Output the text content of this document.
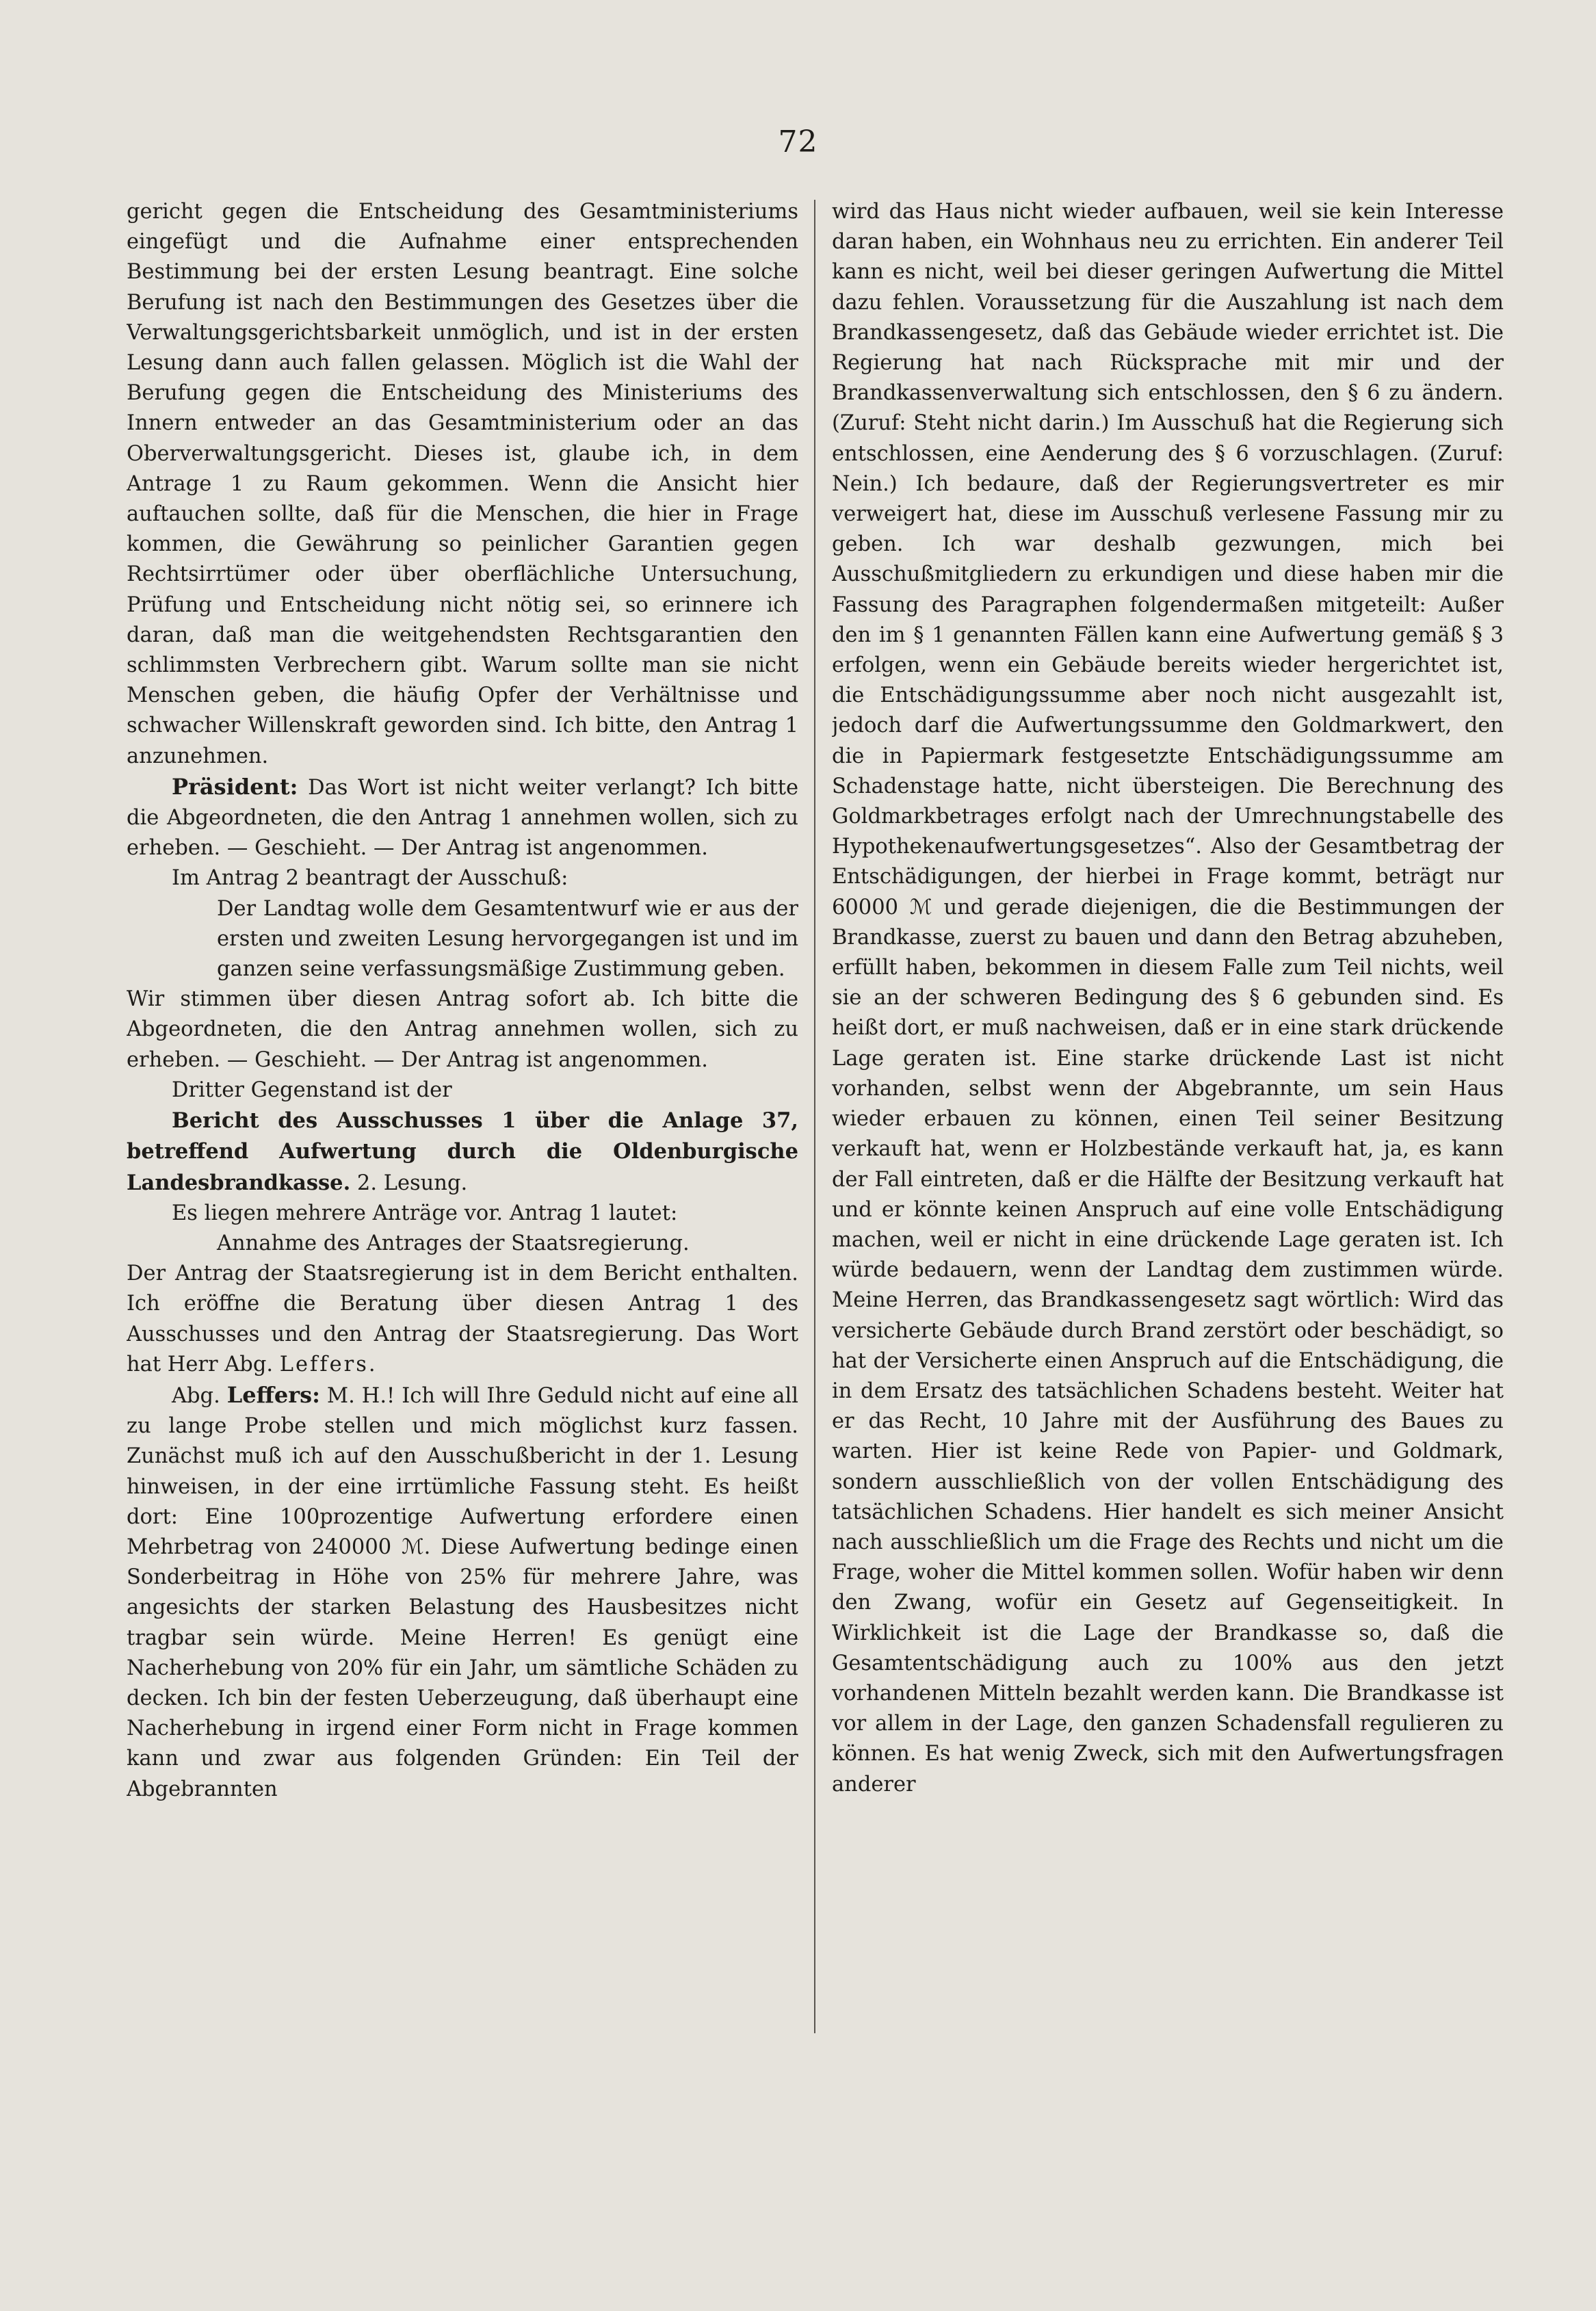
72

gericht gegen die Entscheidung des Gesamtministeriums eingefügt und die Aufnahme einer entsprechenden Bestimmung bei der ersten Lesung beantragt. Eine solche Berufung ist nach den Bestimmungen des Gesetzes über die Verwaltungsgerichtsbarkeit unmöglich, und ist in der ersten Lesung dann auch fallen gelassen. Möglich ist die Wahl der Berufung gegen die Entscheidung des Ministeriums des Innern entweder an das Gesamtministerium oder an das Oberverwaltungsgericht. Dieses ist, glaube ich, in dem Antrage 1 zu Raum gekommen. Wenn die Ansicht hier auftauchen sollte, daß für die Menschen, die hier in Frage kommen, die Gewährung so peinlicher Garantien gegen Rechtsirrtümer oder über oberflächliche Untersuchung, Prüfung und Entscheidung nicht nötig sei, so erinnere ich daran, daß man die weitgehendsten Rechtsgarantien den schlimmsten Verbrechern gibt. Warum sollte man sie nicht Menschen geben, die häufig Opfer der Verhältnisse und schwacher Willenskraft geworden sind. Ich bitte, den Antrag 1 anzunehmen.

Präsident: Das Wort ist nicht weiter verlangt? Ich bitte die Abgeordneten, die den Antrag 1 annehmen wollen, sich zu erheben. — Geschieht. — Der Antrag ist angenommen.

Im Antrag 2 beantragt der Ausschuß:

Der Landtag wolle dem Gesamtentwurf wie er aus der ersten und zweiten Lesung hervorgegangen ist und im ganzen seine verfassungsmäßige Zustimmung geben.

Wir stimmen über diesen Antrag sofort ab. Ich bitte die Abgeordneten, die den Antrag annehmen wollen, sich zu erheben. — Geschieht. — Der Antrag ist angenommen.

Dritter Gegenstand ist der

Bericht des Ausschusses 1 über die Anlage 37, betreffend Aufwertung durch die Oldenburgische Landesbrandkasse. 2. Lesung.

Es liegen mehrere Anträge vor. Antrag 1 lautet:

Annahme des Antrages der Staatsregierung.

Der Antrag der Staatsregierung ist in dem Bericht enthalten. Ich eröffne die Beratung über diesen Antrag 1 des Ausschusses und den Antrag der Staatsregierung. Das Wort hat Herr Abg. Leffers.

Abg. Leffers: M. H.! Ich will Ihre Geduld nicht auf eine all zu lange Probe stellen und mich möglichst kurz fassen. Zunächst muß ich auf den Ausschußbericht in der 1. Lesung hinweisen, in der eine irrtümliche Fassung steht. Es heißt dort: Eine 100prozentige Aufwertung erforderе einen Mehrbetrag von 240000 ℳ. Diese Aufwertung bedinge einen Sonderbeitrag in Höhe von 25% für mehrere Jahre, was angesichts der starken Belastung des Hausbesitzes nicht tragbar sein würde. Meine Herren! Es genügt eine Nacherhebung von 20% für ein Jahr, um sämtliche Schäden zu decken. Ich bin der festen Ueberzeugung, daß überhaupt eine Nacherhebung in irgend einer Form nicht in Frage kommen kann und zwar aus folgenden Gründen: Ein Teil der Abgebrannten

wird das Haus nicht wieder aufbauen, weil sie kein Interesse daran haben, ein Wohnhaus neu zu errichten. Ein anderer Teil kann es nicht, weil bei dieser geringen Aufwertung die Mittel dazu fehlen. Voraussetzung für die Auszahlung ist nach dem Brandkassengesetz, daß das Gebäude wieder errichtet ist. Die Regierung hat nach Rücksprache mit mir und der Brandkassenverwaltung sich entschlossen, den § 6 zu ändern. (Zuruf: Steht nicht darin.) Im Ausschuß hat die Regierung sich entschlossen, eine Aenderung des § 6 vorzuschlagen. (Zuruf: Nein.) Ich bedaure, daß der Regierungsvertreter es mir verweigert hat, diese im Ausschuß verlesene Fassung mir zu geben. Ich war deshalb gezwungen, mich bei Ausschußmitgliedern zu erkundigen und diese haben mir die Fassung des Paragraphen folgendermaßen mitgeteilt: Außer den im § 1 genannten Fällen kann eine Aufwertung gemäß § 3 erfolgen, wenn ein Gebäude bereits wieder hergerichtet ist, die Entschädigungssumme aber noch nicht ausgezahlt ist, jedoch darf die Aufwertungssumme den Goldmarkwert, den die in Papiermark festgesetzte Entschädigungssumme am Schadenstage hatte, nicht übersteigen. Die Berechnung des Goldmarkbetrages erfolgt nach der Umrechnungstabelle des Hypothekenaufwertungsgesetzes“. Also der Gesamtbetrag der Entschädigungen, der hierbei in Frage kommt, beträgt nur 60000 ℳ und gerade diejenigen, die die Bestimmungen der Brandkasse, zuerst zu bauen und dann den Betrag abzuheben, erfüllt haben, bekommen in diesem Falle zum Teil nichts, weil sie an der schweren Bedingung des § 6 gebunden sind. Es heißt dort, er muß nachweisen, daß er in eine stark drückende Lage geraten ist. Eine starke drückende Last ist nicht vorhanden, selbst wenn der Abgebrannte, um sein Haus wieder erbauen zu können, einen Teil seiner Besitzung verkauft hat, wenn er Holzbestände verkauft hat, ja, es kann der Fall eintreten, daß er die Hälfte der Besitzung verkauft hat und er könnte keinen Anspruch auf eine volle Entschädigung machen, weil er nicht in eine drückende Lage geraten ist. Ich würde bedauern, wenn der Landtag dem zustimmen würde. Meine Herren, das Brandkassengesetz sagt wörtlich: Wird das versicherte Gebäude durch Brand zerstört oder beschädigt, so hat der Versicherte einen Anspruch auf die Entschädigung, die in dem Ersatz des tatsächlichen Schadens besteht. Weiter hat er das Recht, 10 Jahre mit der Ausführung des Baues zu warten. Hier ist keine Rede von Papier- und Goldmark, sondern ausschließlich von der vollen Entschädigung des tatsächlichen Schadens. Hier handelt es sich meiner Ansicht nach ausschließlich um die Frage des Rechts und nicht um die Frage, woher die Mittel kommen sollen. Wofür haben wir denn den Zwang, wofür ein Gesetz auf Gegenseitigkeit. In Wirklichkeit ist die Lage der Brandkasse so, daß die Gesamtentschädigung auch zu 100% aus den jetzt vorhandenen Mitteln bezahlt werden kann. Die Brandkasse ist vor allem in der Lage, den ganzen Schadensfall regulieren zu können. Es hat wenig Zweck, sich mit den Aufwertungsfragen anderer
